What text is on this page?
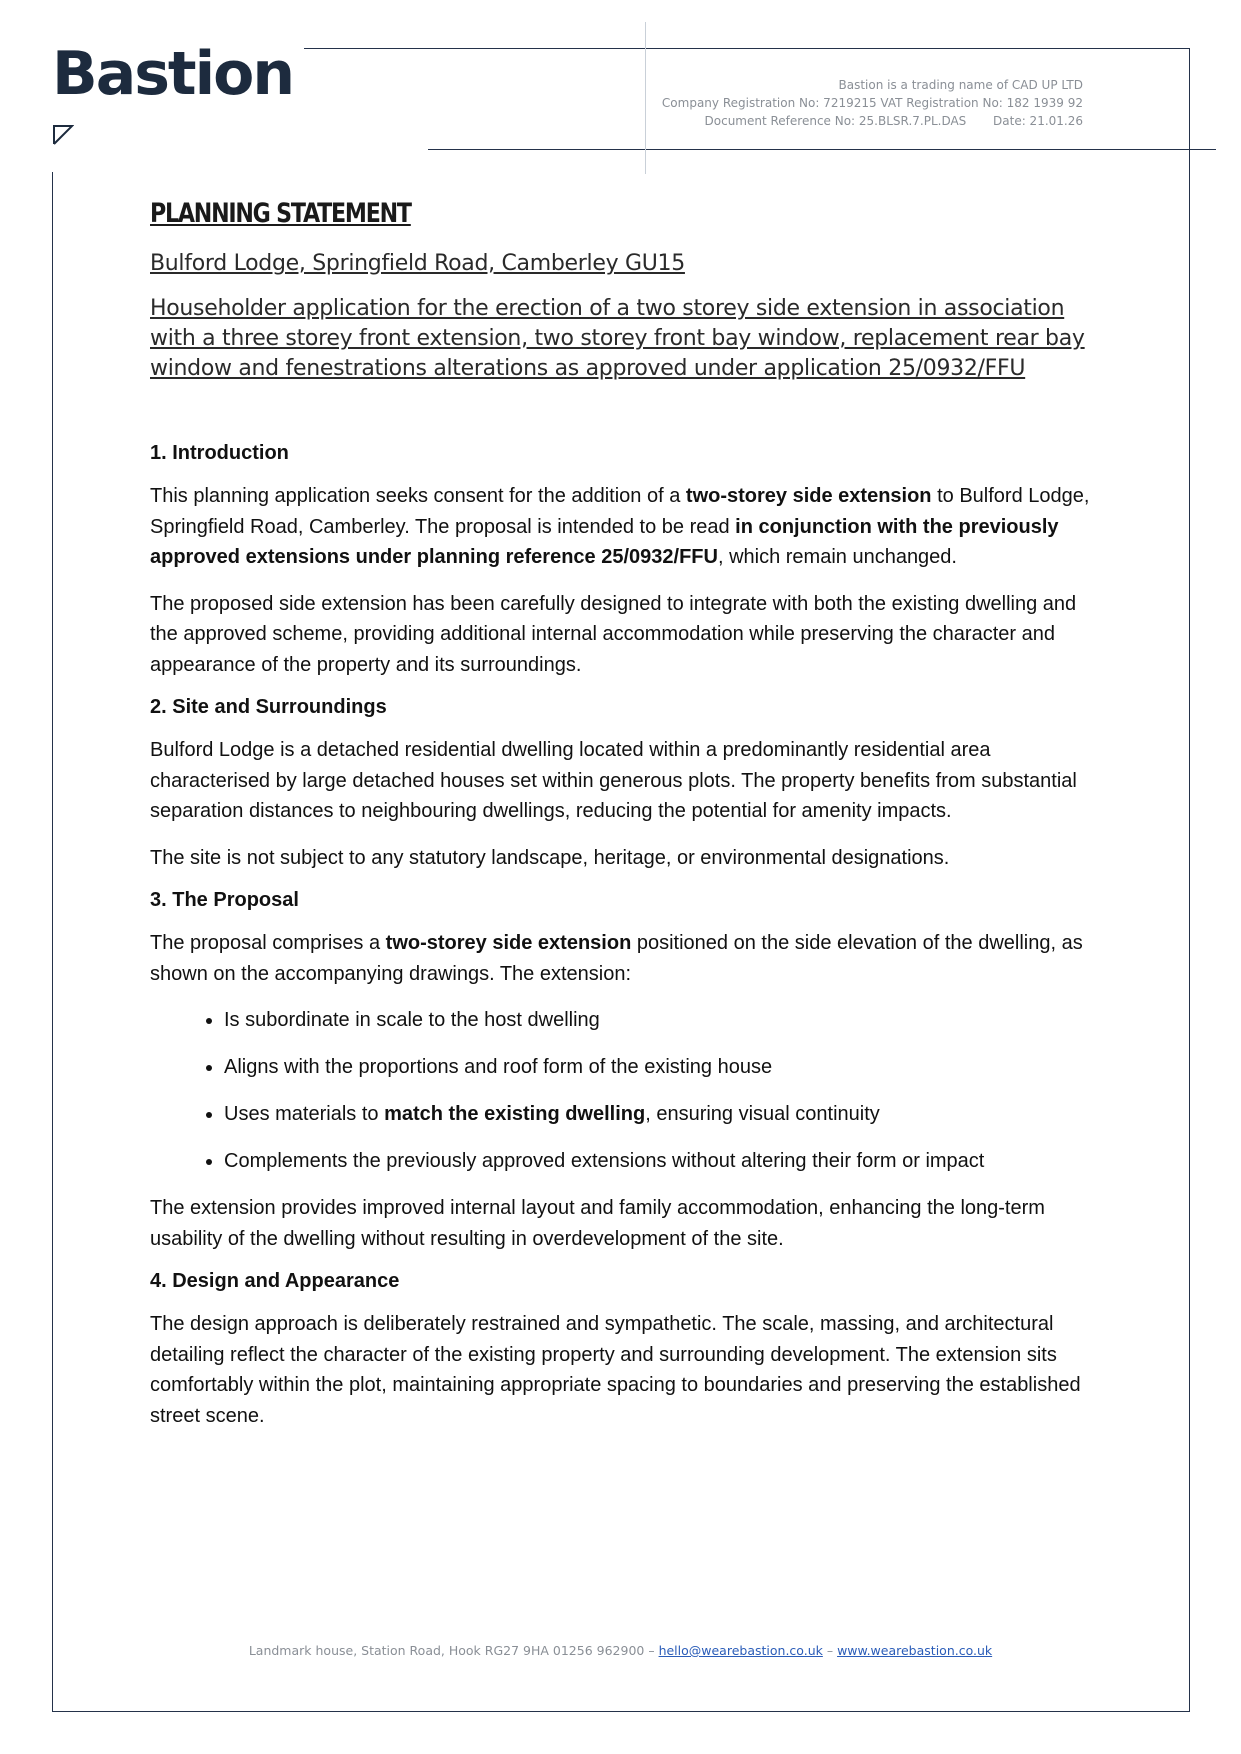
Bastion	Bastion is a trading name of CAD UP LTD
Company Registration No: 7219215 VAT Registration No: 182 1939 92
Document Reference No: 25.BLSR.7.PL.DAS Date: 21.01.26
PLANNING STATEMENT
Bulford Lodge, Springfield Road, Camberley GU15
Householder application for the erection of a two storey side extension in association with a three storey front extension, two storey front bay window, replacement rear bay window and fenestrations alterations as approved under application 25/0932/FFU
1. Introduction

This planning application seeks consent for the addition of a two-storey side extension to Bulford Lodge, Springfield Road, Camberley. The proposal is intended to be read in conjunction with the previously approved extensions under planning reference 25/0932/FFU, which remain unchanged.

The proposed side extension has been carefully designed to integrate with both the existing dwelling and the approved scheme, providing additional internal accommodation while preserving the character and appearance of the property and its surroundings.

2. Site and Surroundings

Bulford Lodge is a detached residential dwelling located within a predominantly residential area characterised by large detached houses set within generous plots. The property benefits from substantial separation distances to neighbouring dwellings, reducing the potential for amenity impacts.

The site is not subject to any statutory landscape, heritage, or environmental designations.

3. The Proposal

The proposal comprises a two-storey side extension positioned on the side elevation of the dwelling, as shown on the accompanying drawings. The extension:

• Is subordinate in scale to the host dwelling
• Aligns with the proportions and roof form of the existing house
• Uses materials to match the existing dwelling, ensuring visual continuity
• Complements the previously approved extensions without altering their form or impact

The extension provides improved internal layout and family accommodation, enhancing the long-term usability of the dwelling without resulting in overdevelopment of the site.

4. Design and Appearance

The design approach is deliberately restrained and sympathetic. The scale, massing, and architectural detailing reflect the character of the existing property and surrounding development. The extension sits comfortably within the plot, maintaining appropriate spacing to boundaries and preserving the established street scene.

Landmark house, Station Road, Hook RG27 9HA 01256 962900 – hello@wearebastion.co.uk – www.wearebastion.co.uk
